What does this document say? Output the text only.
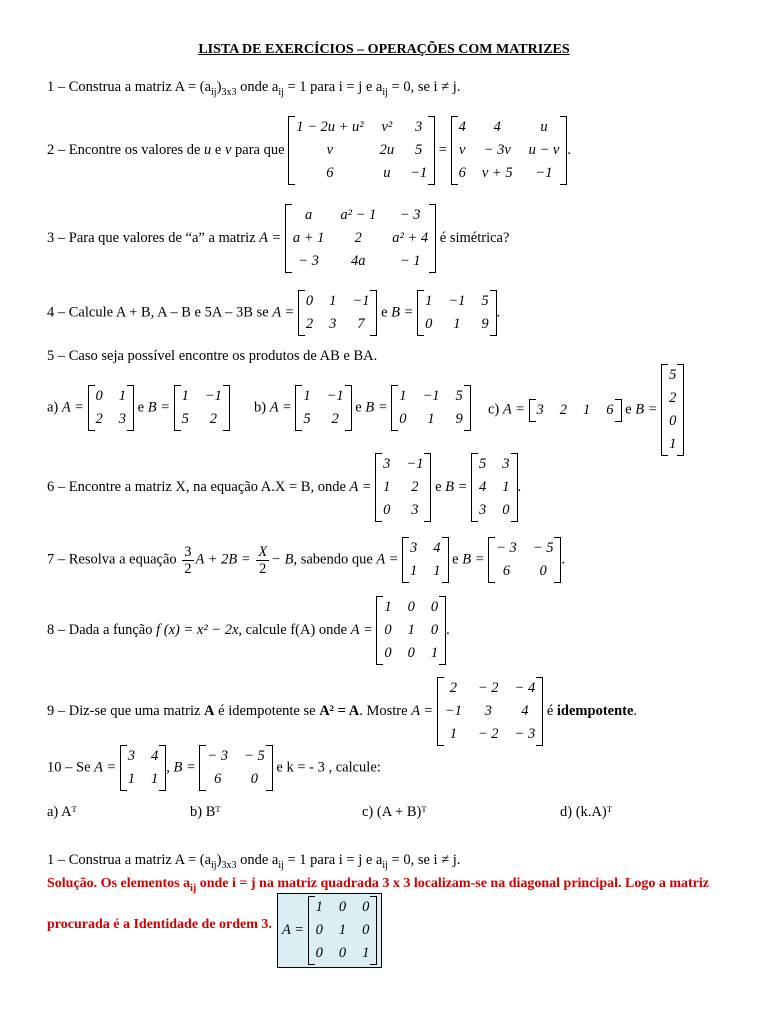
LISTA DE EXERCÍCIOS – OPERAÇÕES COM MATRIZES
1 – Construa a matriz $A = (a_{ij})_{3x3}$ onde $a_{ij} = 1$ para i = j e $a_{ij} = 0$, se i ≠ j.
2 – Encontre os valores de u e v para que
1 − 2u + u²	v²	3
v	2u	5
6	u	−1
=
4	4	u
v	− 3v	u − v
6	v + 5	−1
.
3 – Para que valores de “a” a matriz A =
a	a² − 1	− 3
a + 1	2	a² + 4
− 3	4a	− 1
é simétrica?
4 – Calcule A + B, A – B e 5A – 3B se A =
0	1	−1
2	3	7
e B =
1	−1	5
0	1	9
.
5 – Caso seja possível encontre os produtos de AB e BA.
a) A =
0	1
2	3
e B =
1	−1
5	2
b) A =
1	−1
5	2
e B =
1	−1	5
0	1	9
c) A = 3	2	1	6 e B =
5
2
0
1
6 – Encontre a matriz X, na equação A.X = B, onde A =
3	−1
1	2
0	3
e B =
5	3
4	1
3	0
.
7 – Resolva a equação $\frac{3}{2}$ $A + 2B = \frac{X}{2} - B$, sabendo que A =
3	4
1	1
e B =
− 3	− 5
6	0
.
8 – Dada a função f (x) = x² − 2x, calcule f(A) onde A =
1	0	0
0	1	0
0	0	1
.
9 – Diz-se que uma matriz A é idempotente se A² = A. Mostre A =
2	− 2	− 4
−1	3	4
1	− 2	− 3
é idempotente.
10 – Se A =
3	4
1	1
, B =
− 3	− 5
6	0
e k = - 3 , calcule:
a) Aᵀ	b) Bᵀ	c) (A + B)ᵀ	d) (k.A)ᵀ
1 – Construa a matriz $A = (a_{ij})_{3x3}$ onde $a_{ij} = 1$ para i = j e $a_{ij} = 0$, se i ≠ j.
Solução. Os elementos $a_{ij}$ onde i = j na matriz quadrada 3 x 3 localizam-se na diagonal principal. Logo a matriz
procurada é a Identidade de ordem 3. A =
1	0	0
0	1	0
0	0	1
